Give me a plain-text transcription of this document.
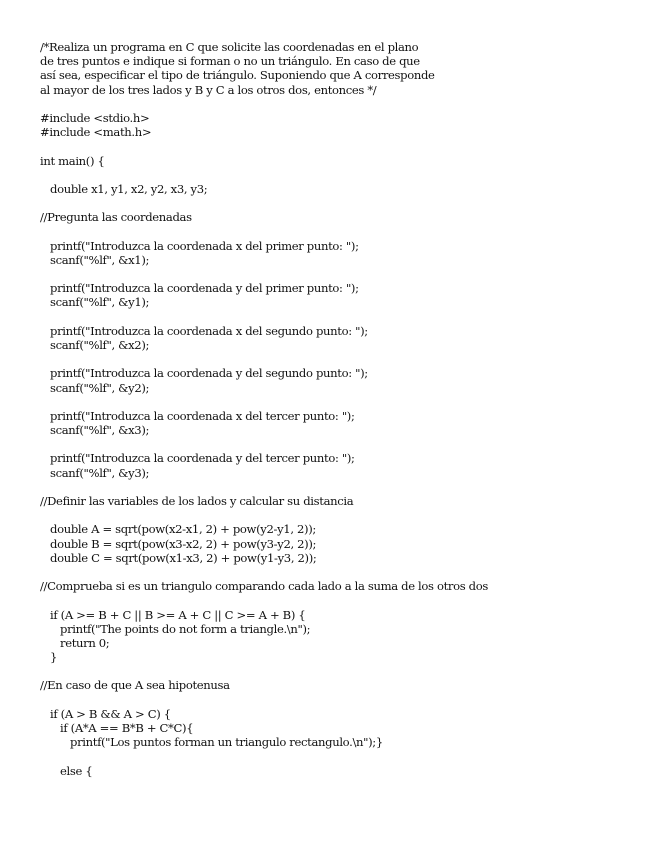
/*Realiza un programa en C que solicite las coordenadas en el plano
de tres puntos e indique si forman o no un triángulo. En caso de que
así sea, especificar el tipo de triángulo. Suponiendo que A corresponde
al mayor de los tres lados y B y C a los otros dos, entonces */
#include <stdio.h>
#include <math.h>
int main() {
double x1, y1, x2, y2, x3, y3;
//Pregunta las coordenadas
printf("Introduzca la coordenada x del primer punto: ");
scanf("%lf", &x1);
printf("Introduzca la coordenada y del primer punto: ");
scanf("%lf", &y1);
printf("Introduzca la coordenada x del segundo punto: ");
scanf("%lf", &x2);
printf("Introduzca la coordenada y del segundo punto: ");
scanf("%lf", &y2);
printf("Introduzca la coordenada x del tercer punto: ");
scanf("%lf", &x3);
printf("Introduzca la coordenada y del tercer punto: ");
scanf("%lf", &y3);
//Definir las variables de los lados y calcular su distancia
double A = sqrt(pow(x2-x1, 2) + pow(y2-y1, 2));
double B = sqrt(pow(x3-x2, 2) + pow(y3-y2, 2));
double C = sqrt(pow(x1-x3, 2) + pow(y1-y3, 2));
//Comprueba si es un triangulo comparando cada lado a la suma de los otros dos
if (A >= B + C || B >= A + C || C >= A + B) {
printf("The points do not form a triangle.\n");
return 0;
}
//En caso de que A sea hipotenusa
if (A > B && A > C) {
if (A*A == B*B + C*C){
printf("Los puntos forman un triangulo rectangulo.\n");}
else {
